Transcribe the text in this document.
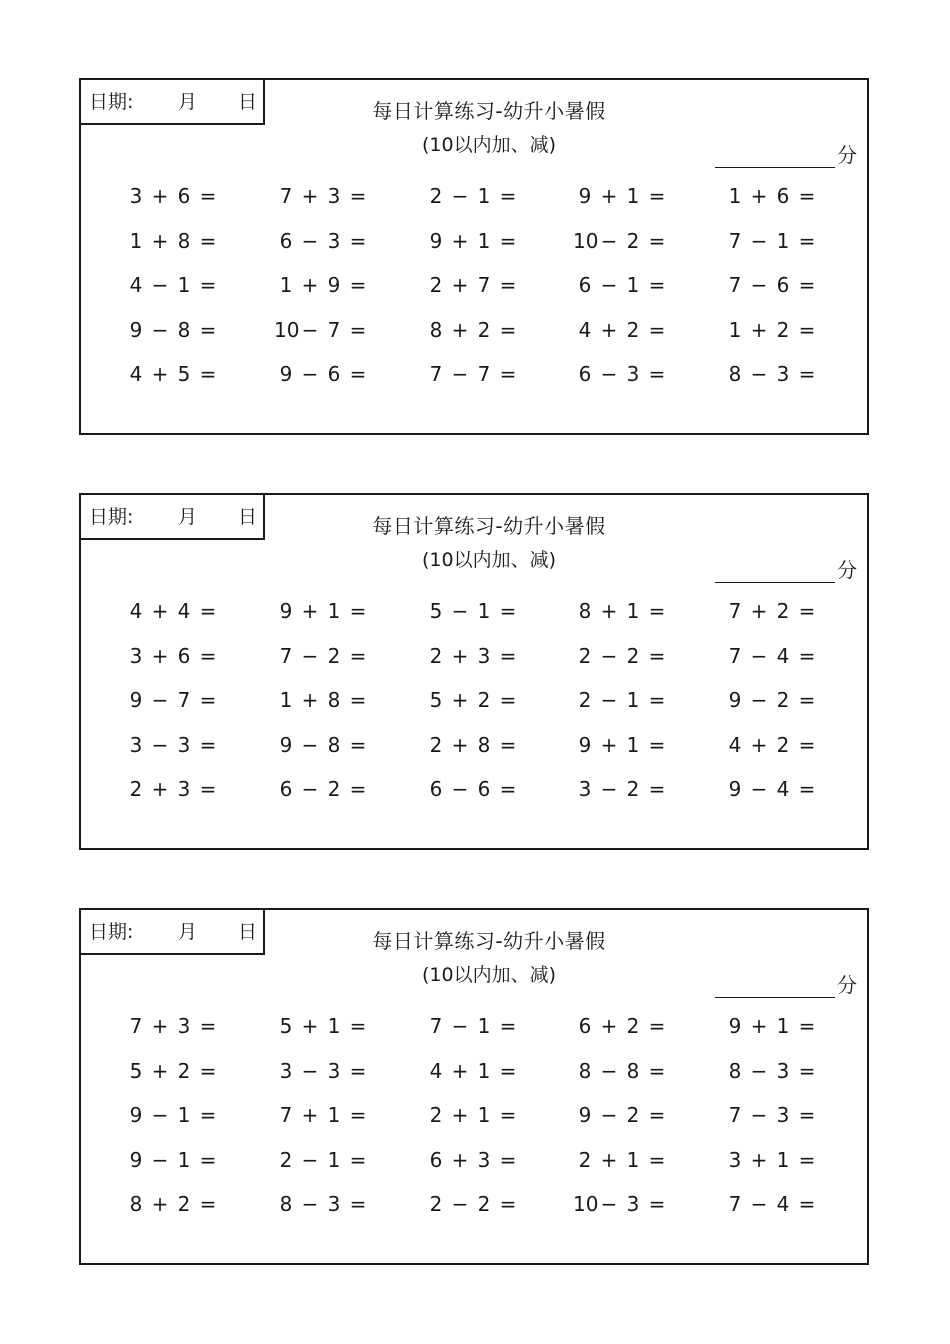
日期: 月 日	每日计算练习-幼升小暑假
(10以内加、减)	分
3 + 6 =	7 + 3 =	2 − 1 =	9 + 1 =	1 + 6 =
1 + 8 =	6 − 3 =	9 + 1 =	10 − 2 =	7 − 1 =
4 − 1 =	1 + 9 =	2 + 7 =	6 − 1 =	7 − 6 =
9 − 8 =	10 − 7 =	8 + 2 =	4 + 2 =	1 + 2 =
4 + 5 =	9 − 6 =	7 − 7 =	6 − 3 =	8 − 3 =
日期: 月 日	每日计算练习-幼升小暑假
(10以内加、减)	分
4 + 4 =	9 + 1 =	5 − 1 =	8 + 1 =	7 + 2 =
3 + 6 =	7 − 2 =	2 + 3 =	2 − 2 =	7 − 4 =
9 − 7 =	1 + 8 =	5 + 2 =	2 − 1 =	9 − 2 =
3 − 3 =	9 − 8 =	2 + 8 =	9 + 1 =	4 + 2 =
2 + 3 =	6 − 2 =	6 − 6 =	3 − 2 =	9 − 4 =
日期: 月 日	每日计算练习-幼升小暑假
(10以内加、减)	分
7 + 3 =	5 + 1 =	7 − 1 =	6 + 2 =	9 + 1 =
5 + 2 =	3 − 3 =	4 + 1 =	8 − 8 =	8 − 3 =
9 − 1 =	7 + 1 =	2 + 1 =	9 − 2 =	7 − 3 =
9 − 1 =	2 − 1 =	6 + 3 =	2 + 1 =	3 + 1 =
8 + 2 =	8 − 3 =	2 − 2 =	10 − 3 =	7 − 4 =
